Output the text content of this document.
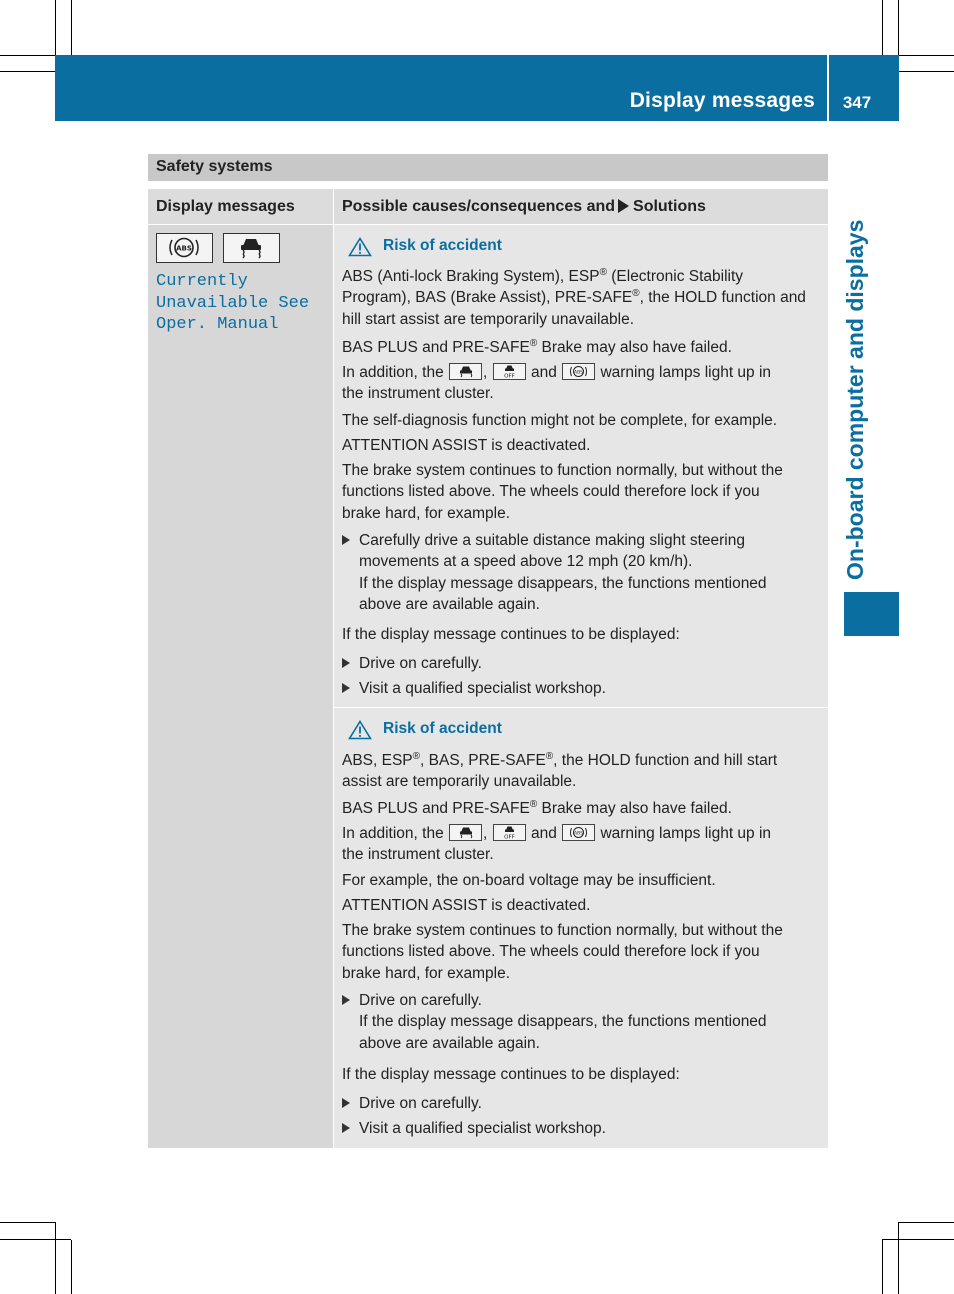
Display messages	347
On-board computer and displays
Safety systems
Display messages	Possible causes/consequences and Solutions
ABS
Currently
Unavailable See
Oper. Manual
Risk of accident
ABS (Anti-lock Braking System), ESP® (Electronic Stability
Program), BAS (Brake Assist), PRE-SAFE®, the HOLD function and
hill start assist are temporarily unavailable.
BAS PLUS and PRE-SAFE® Brake may also have failed.
In addition, the	,	OFF and	ABS warning lamps light up in
the instrument cluster.
The self-diagnosis function might not be complete, for example.
ATTENTION ASSIST is deactivated.
The brake system continues to function normally, but without the
functions listed above. The wheels could therefore lock if you
brake hard, for example.
Carefully drive a suitable distance making slight steering
movements at a speed above 12 mph (20 km/h).
If the display message disappears, the functions mentioned
above are available again.
If the display message continues to be displayed:
Drive on carefully.
Visit a qualified specialist workshop.
Risk of accident
ABS, ESP®, BAS, PRE-SAFE®, the HOLD function and hill start
assist are temporarily unavailable.
BAS PLUS and PRE-SAFE® Brake may also have failed.
In addition, the	,	OFF and	ABS warning lamps light up in
the instrument cluster.
For example, the on-board voltage may be insufficient.
ATTENTION ASSIST is deactivated.
The brake system continues to function normally, but without the
functions listed above. The wheels could therefore lock if you
brake hard, for example.
Drive on carefully.
If the display message disappears, the functions mentioned
above are available again.
If the display message continues to be displayed:
Drive on carefully.
Visit a qualified specialist workshop.
